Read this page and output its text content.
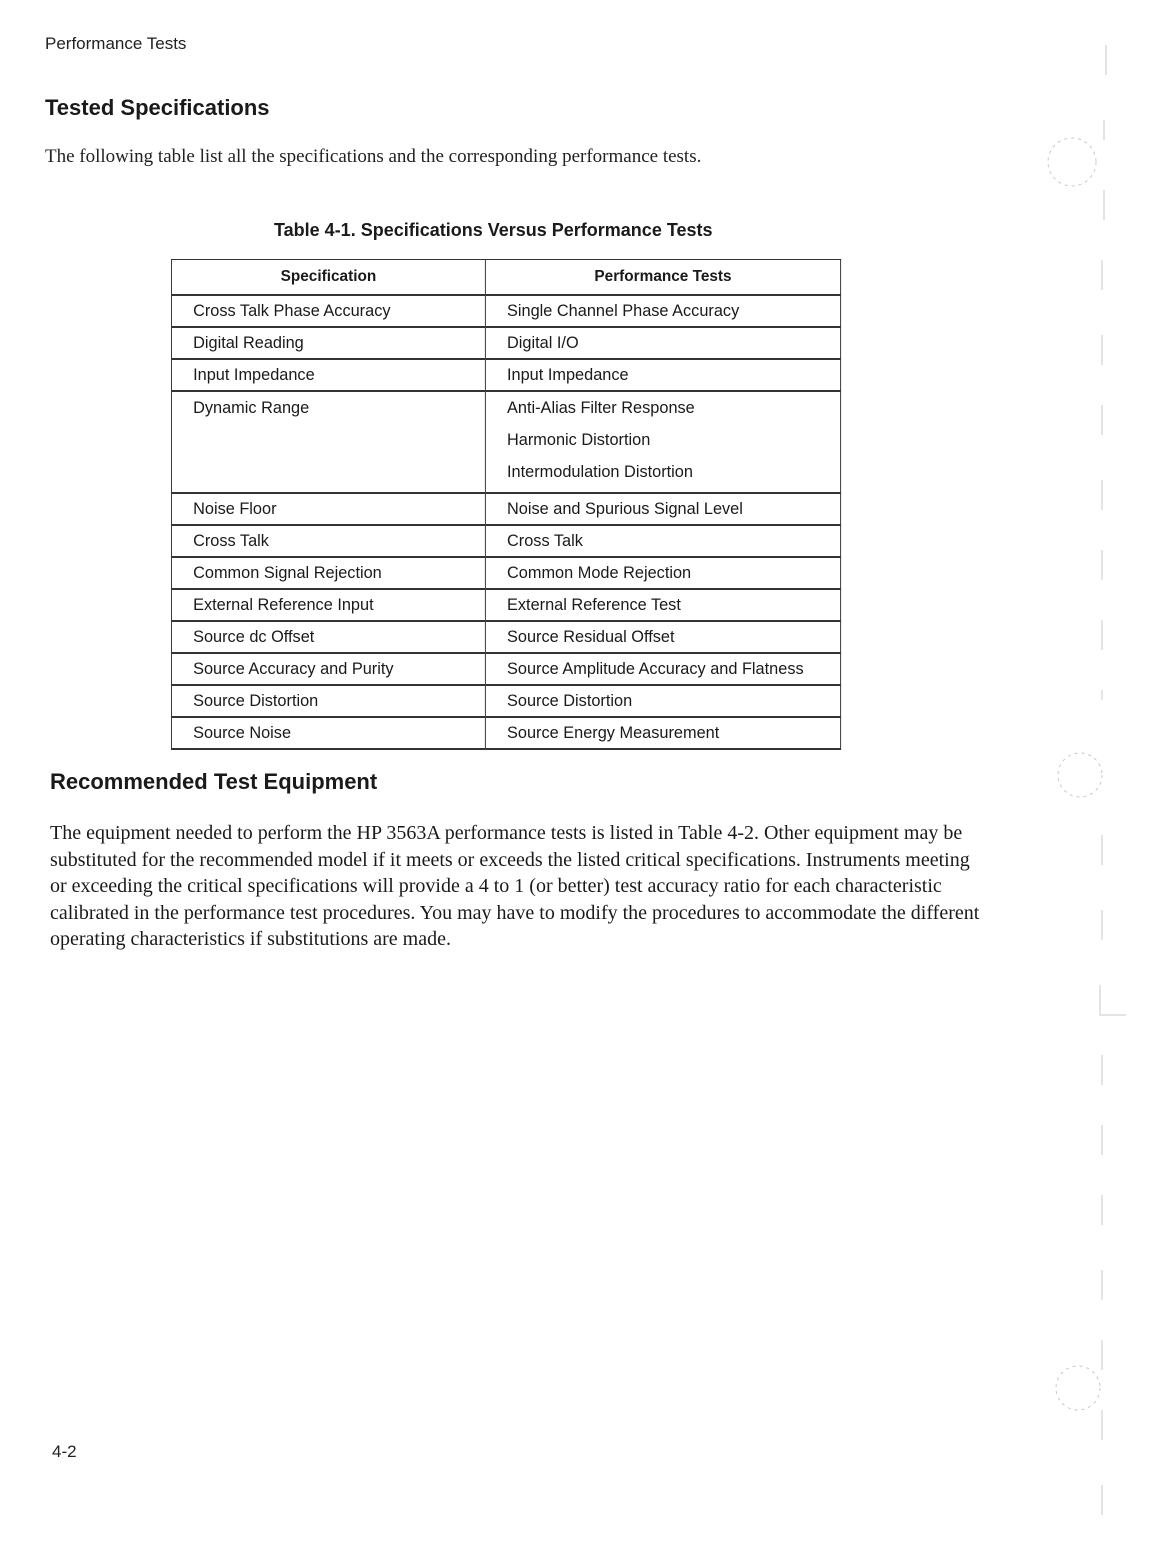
Performance Tests
Tested Specifications

The following table list all the specifications and the corresponding performance tests.

Table 4-1. Specifications Versus Performance Tests
Specification	Performance Tests
Cross Talk Phase Accuracy	Single Channel Phase Accuracy
Digital Reading	Digital I/O
Input Impedance	Input Impedance

Dynamic Range	Anti-Alias Filter Response
Harmonic Distortion
Intermodulation Distortion

Noise Floor	Noise and Spurious Signal Level
Cross Talk	Cross Talk
Common Signal Rejection	Common Mode Rejection
External Reference Input	External Reference Test
Source dc Offset	Source Residual Offset
Source Accuracy and Purity	Source Amplitude Accuracy and Flatness
Source Distortion	Source Distortion
Source Noise	Source Energy Measurement
Recommended Test Equipment

The equipment needed to perform the HP 3563A performance tests is listed in Table 4-2. Other equipment may be substituted for the recommended model if it meets or exceeds the listed critical specifications. Instruments meeting or exceeding the critical specifications will provide a 4 to 1 (or better) test accuracy ratio for each characteristic calibrated in the performance test procedures. You may have to modify the procedures to accommodate the different operating characteristics if substitutions are made.

4-2
